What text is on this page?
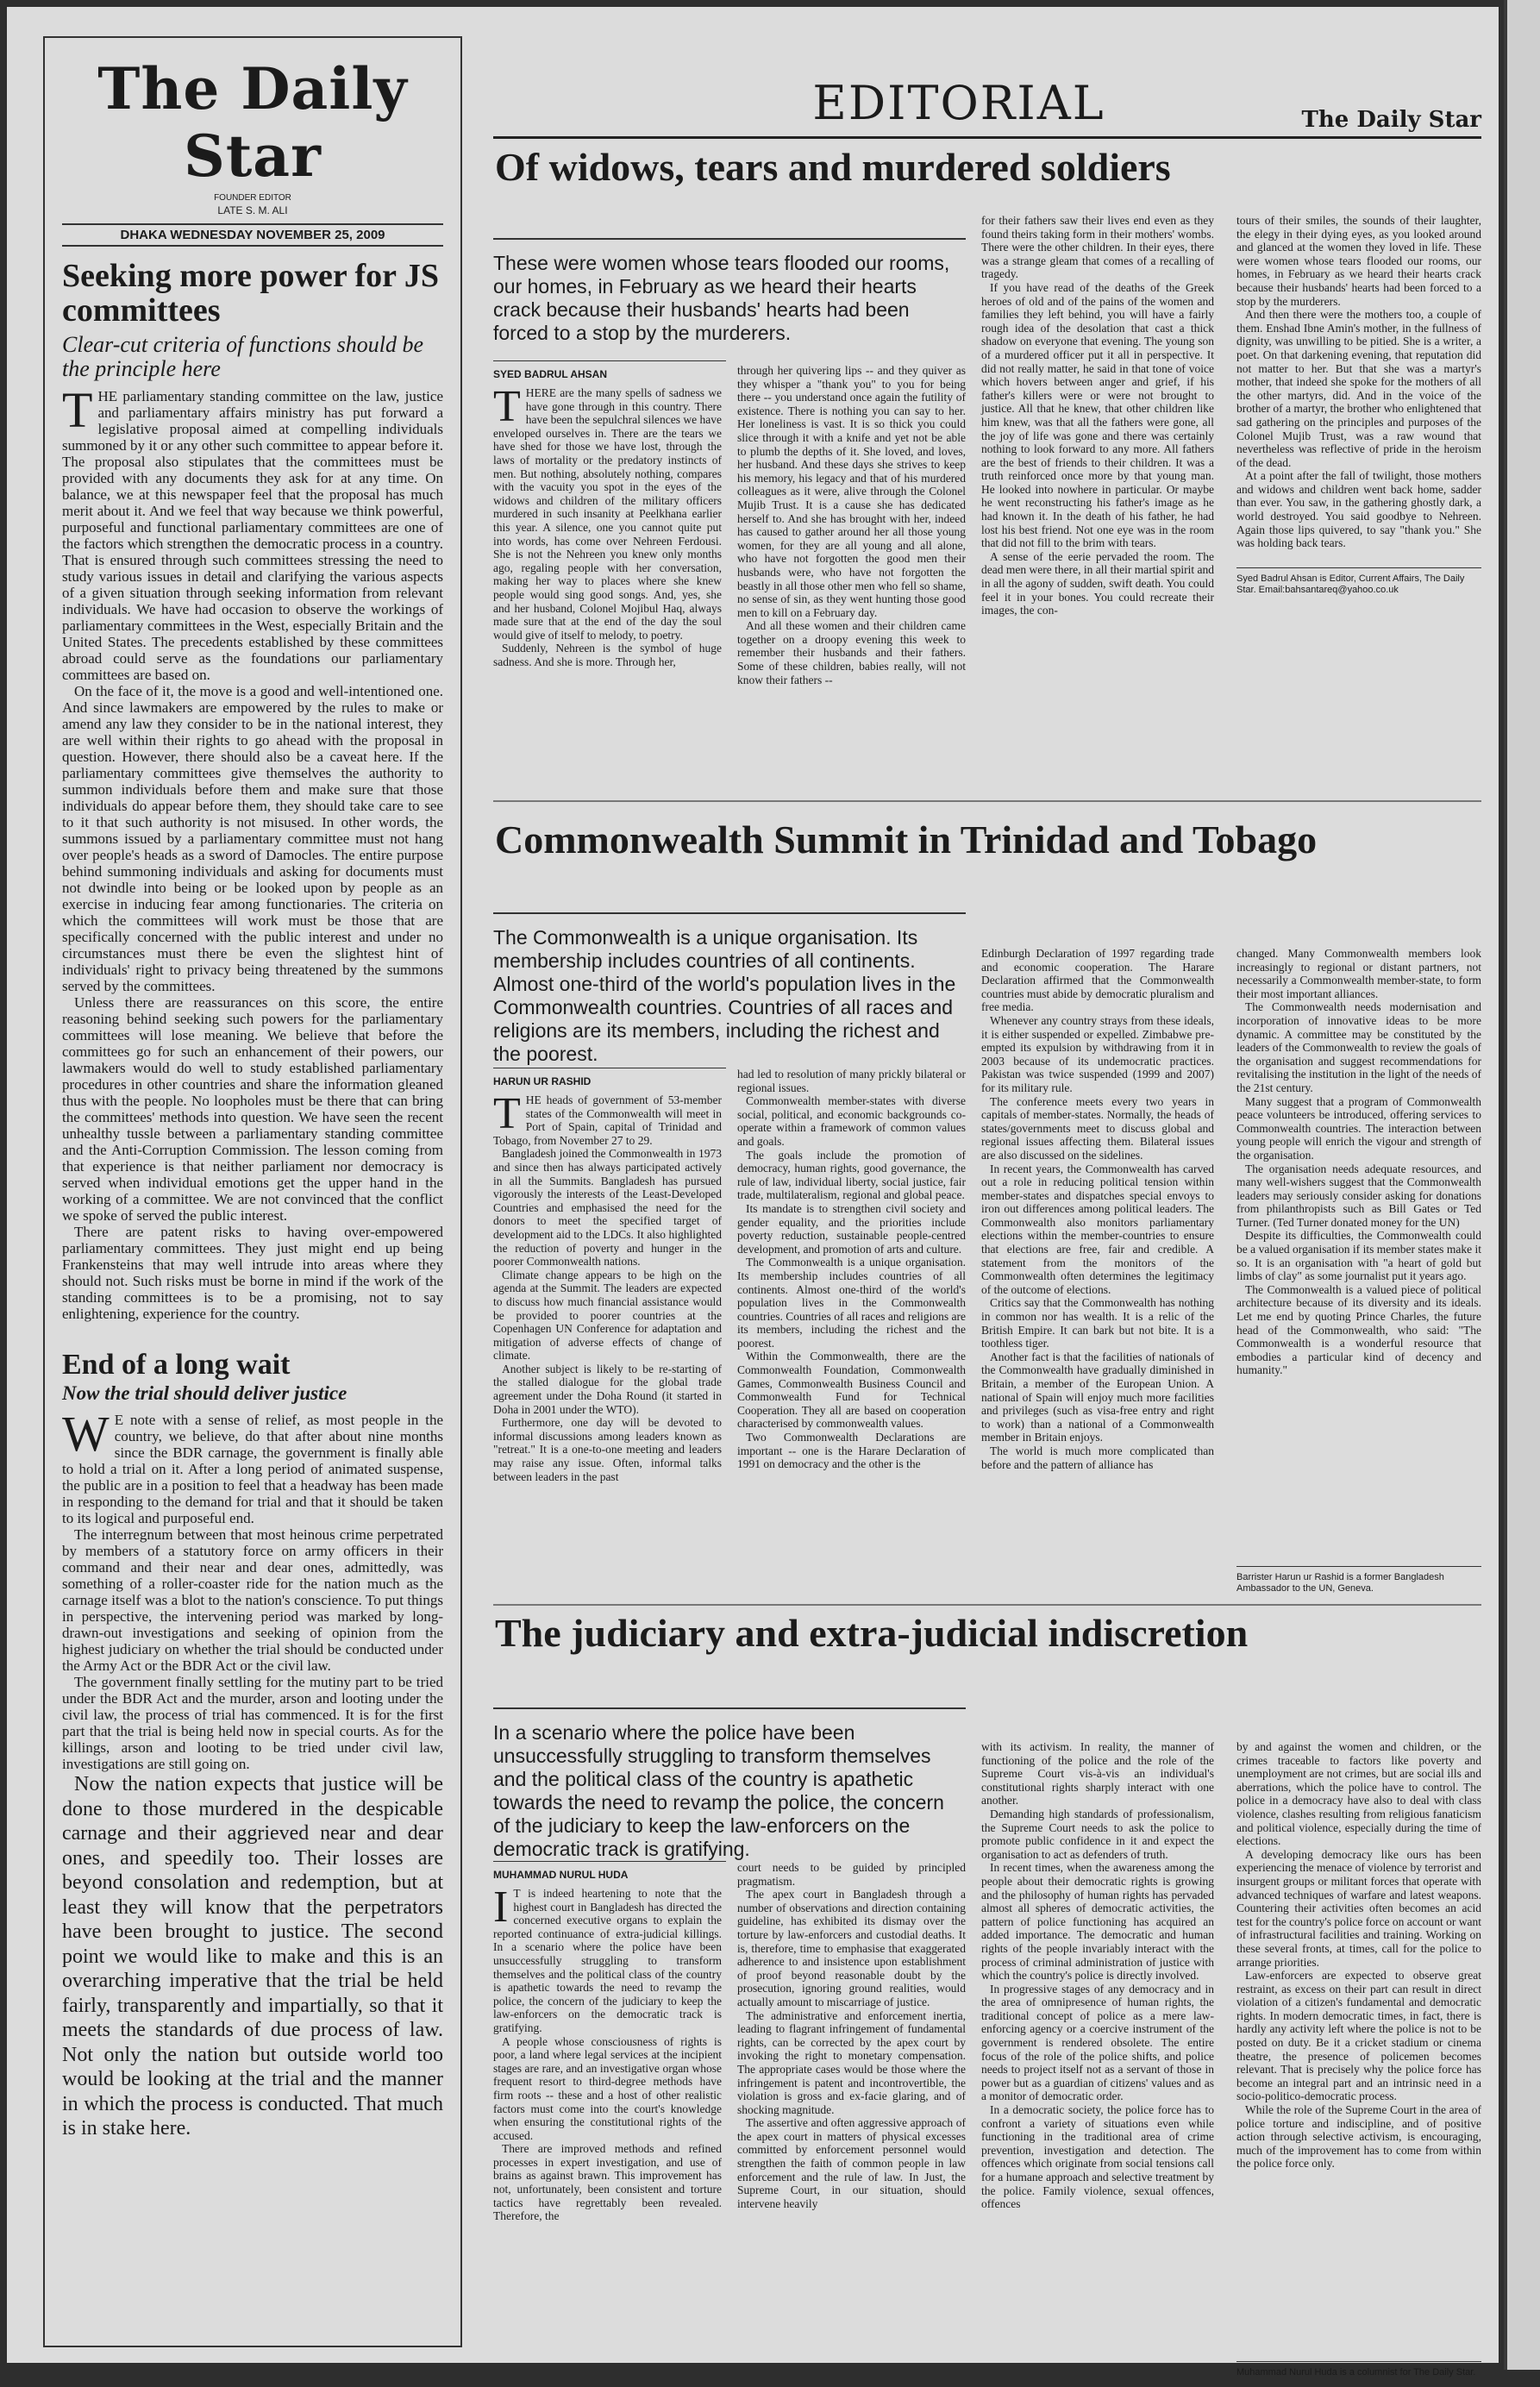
The Daily Star
FOUNDER EDITOR
LATE S. M. ALI
DHAKA WEDNESDAY NOVEMBER 25, 2009
Seeking more power for JS committees
Clear-cut criteria of functions should be the principle here
T HE parliamentary standing committee on the law, justice and parliamentary affairs ministry has put forward a legislative proposal aimed at compelling individuals summoned by it or any other such committee to appear before it. The proposal also stipulates that the committees must be provided with any documents they ask for at any time. On balance, we at this newspaper feel that the proposal has much merit about it. And we feel that way because we think powerful, purposeful and functional parliamentary committees are one of the factors which strengthen the democratic process in a country. That is ensured through such committees stressing the need to study various issues in detail and clarifying the various aspects of a given situation through seeking information from relevant individuals. We have had occasion to observe the workings of parliamentary committees in the West, especially Britain and the United States. The precedents established by these committees abroad could serve as the foundations our parliamentary committees are based on.

On the face of it, the move is a good and well-intentioned one. And since lawmakers are empowered by the rules to make or amend any law they consider to be in the national interest, they are well within their rights to go ahead with the proposal in question. However, there should also be a caveat here. If the parliamentary committees give themselves the authority to summon individuals before them and make sure that those individuals do appear before them, they should take care to see to it that such authority is not misused. In other words, the summons issued by a parliamentary committee must not hang over people's heads as a sword of Damocles. The entire purpose behind summoning individuals and asking for documents must not dwindle into being or be looked upon by people as an exercise in inducing fear among functionaries. The criteria on which the committees will work must be those that are specifically concerned with the public interest and under no circumstances must there be even the slightest hint of individuals' right to privacy being threatened by the summons served by the committees.

Unless there are reassurances on this score, the entire reasoning behind seeking such powers for the parliamentary committees will lose meaning. We believe that before the committees go for such an enhancement of their powers, our lawmakers would do well to study established parliamentary procedures in other countries and share the information gleaned thus with the people. No loopholes must be there that can bring the committees' methods into question. We have seen the recent unhealthy tussle between a parliamentary standing committee and the Anti-Corruption Commission. The lesson coming from that experience is that neither parliament nor democracy is served when individual emotions get the upper hand in the working of a committee. We are not convinced that the conflict we spoke of served the public interest.

There are patent risks to having over-empowered parliamentary committees. They just might end up being Frankensteins that may well intrude into areas where they should not. Such risks must be borne in mind if the work of the standing committees is to be a promising, not to say enlightening, experience for the country.

End of a long wait
Now the trial should deliver justice
W E note with a sense of relief, as most people in the country, we believe, do that after about nine months since the BDR carnage, the government is finally able to hold a trial on it. After a long period of animated suspense, the public are in a position to feel that a headway has been made in responding to the demand for trial and that it should be taken to its logical and purposeful end.

The interregnum between that most heinous crime perpetrated by members of a statutory force on army officers in their command and their near and dear ones, admittedly, was something of a roller-coaster ride for the nation much as the carnage itself was a blot to the nation's conscience. To put things in perspective, the intervening period was marked by long-drawn-out investigations and seeking of opinion from the highest judiciary on whether the trial should be conducted under the Army Act or the BDR Act or the civil law.

The government finally settling for the mutiny part to be tried under the BDR Act and the murder, arson and looting under the civil law, the process of trial has commenced. It is for the first part that the trial is being held now in special courts. As for the killings, arson and looting to be tried under civil law, investigations are still going on.

Now the nation expects that justice will be done to those murdered in the despicable carnage and their aggrieved near and dear ones, and speedily too. Their losses are beyond consolation and redemption, but at least they will know that the perpetrators have been brought to justice. The second point we would like to make and this is an overarching imperative that the trial be held fairly, transparently and impartially, so that it meets the standards of due process of law. Not only the nation but outside world too would be looking at the trial and the manner in which the process is conducted. That much is in stake here.

EDITORIAL	The Daily Star
Of widows, tears and murdered soldiers
These were women whose tears flooded our rooms, our homes, in February as we heard their hearts crack because their husbands' hearts had been forced to a stop by the murderers.
SYED BADRUL AHSAN
THERE are the many spells of sadness we have gone through in this country. There have been the sepulchral silences we have enveloped ourselves in. There are the tears we have shed for those we have lost, through the laws of mortality or the predatory instincts of men. But nothing, absolutely nothing, compares with the vacuity you spot in the eyes of the widows and children of the military officers murdered in such insanity at Peelkhana earlier this year. A silence, one you cannot quite put into words, has come over Nehreen Ferdousi. She is not the Nehreen you knew only months ago, regaling people with her conversation, making her way to places where she knew people would sing good songs. And, yes, she and her husband, Colonel Mojibul Haq, always made sure that at the end of the day the soul would give of itself to melody, to poetry.

Suddenly, Nehreen is the symbol of huge sadness. And she is more. Through her,

through her quivering lips -- and they quiver as they whisper a "thank you" to you for being there -- you understand once again the futility of existence. There is nothing you can say to her. Her loneliness is vast. It is so thick you could slice through it with a knife and yet not be able to plumb the depths of it. She loved, and loves, her husband. And these days she strives to keep his memory, his legacy and that of his murdered colleagues as it were, alive through the Colonel Mujib Trust. It is a cause she has dedicated herself to. And she has brought with her, indeed has caused to gather around her all those young women, for they are all young and all alone, who have not forgotten the good men their husbands were, who have not forgotten the beastly in all those other men who fell so shame, no sense of sin, as they went hunting those good men to kill on a February day.

And all these women and their children came together on a droopy evening this week to remember their husbands and their fathers. Some of these children, babies really, will not know their fathers --

for their fathers saw their lives end even as they found theirs taking form in their mothers' wombs. There were the other children. In their eyes, there was a strange gleam that comes of a recalling of tragedy.

If you have read of the deaths of the Greek heroes of old and of the pains of the women and families they left behind, you will have a fairly rough idea of the desolation that cast a thick shadow on everyone that evening. The young son of a murdered officer put it all in perspective. It did not really matter, he said in that tone of voice which hovers between anger and grief, if his father's killers were or were not brought to justice. All that he knew, that other children like him knew, was that all the fathers were gone, all the joy of life was gone and there was certainly nothing to look forward to any more. All fathers are the best of friends to their children. It was a truth reinforced once more by that young man. He looked into nowhere in particular. Or maybe he went reconstructing his father's image as he had known it. In the death of his father, he had lost his best friend. Not one eye was in the room that did not fill to the brim with tears.

A sense of the eerie pervaded the room. The dead men were there, in all their martial spirit and in all the agony of sudden, swift death. You could feel it in your bones. You could recreate their images, the con-

tours of their smiles, the sounds of their laughter, the elegy in their dying eyes, as you looked around and glanced at the women they loved in life. These were women whose tears flooded our rooms, our homes, in February as we heard their hearts crack because their husbands' hearts had been forced to a stop by the murderers.

And then there were the mothers too, a couple of them. Enshad Ibne Amin's mother, in the fullness of dignity, was unwilling to be pitied. She is a writer, a poet. On that darkening evening, that reputation did not matter to her. But that she was a martyr's mother, that indeed she spoke for the mothers of all the other martyrs, did. And in the voice of the brother of a martyr, the brother who enlightened that sad gathering on the principles and purposes of the Colonel Mujib Trust, was a raw wound that nevertheless was reflective of pride in the heroism of the dead.

At a point after the fall of twilight, those mothers and widows and children went back home, sadder than ever. You saw, in the gathering ghostly dark, a world destroyed. You said goodbye to Nehreen. Again those lips quivered, to say "thank you." She was holding back tears.

Syed Badrul Ahsan is Editor, Current Affairs, The Daily Star. Email:bahsantareq@yahoo.co.uk
Commonwealth Summit in Trinidad and Tobago
The Commonwealth is a unique organisation. Its membership includes countries of all continents. Almost one-third of the world's population lives in the Commonwealth countries. Countries of all races and religions are its members, including the richest and the poorest.
HARUN UR RASHID
THE heads of government of 53-member states of the Commonwealth will meet in Port of Spain, capital of Trinidad and Tobago, from November 27 to 29.

Bangladesh joined the Commonwealth in 1973 and since then has always participated actively in all the Summits. Bangladesh has pursued vigorously the interests of the Least-Developed Countries and emphasised the need for the donors to meet the specified target of development aid to the LDCs. It also highlighted the reduction of poverty and hunger in the poorer Commonwealth nations.

Climate change appears to be high on the agenda at the Summit. The leaders are expected to discuss how much financial assistance would be provided to poorer countries at the Copenhagen UN Conference for adaptation and mitigation of adverse effects of change of climate.

Another subject is likely to be re-starting of the stalled dialogue for the global trade agreement under the Doha Round (it started in Doha in 2001 under the WTO).

Furthermore, one day will be devoted to informal discussions among leaders known as "retreat." It is a one-to-one meeting and leaders may raise any issue. Often, informal talks between leaders in the past

had led to resolution of many prickly bilateral or regional issues.

Commonwealth member-states with diverse social, political, and economic backgrounds co-operate within a framework of common values and goals.

The goals include the promotion of democracy, human rights, good governance, the rule of law, individual liberty, social justice, fair trade, multilateralism, regional and global peace.

Its mandate is to strengthen civil society and gender equality, and the priorities include poverty reduction, sustainable people-centred development, and promotion of arts and culture.

The Commonwealth is a unique organisation. Its membership includes countries of all continents. Almost one-third of the world's population lives in the Commonwealth countries. Countries of all races and religions are its members, including the richest and the poorest.

Within the Commonwealth, there are the Commonwealth Foundation, Commonwealth Games, Commonwealth Business Council and Commonwealth Fund for Technical Cooperation. They all are based on cooperation characterised by commonwealth values.

Two Commonwealth Declarations are important -- one is the Harare Declaration of 1991 on democracy and the other is the

Edinburgh Declaration of 1997 regarding trade and economic cooperation. The Harare Declaration affirmed that the Commonwealth countries must abide by democratic pluralism and free media.

Whenever any country strays from these ideals, it is either suspended or expelled. Zimbabwe pre-empted its expulsion by withdrawing from it in 2003 because of its undemocratic practices. Pakistan was twice suspended (1999 and 2007) for its military rule.

The conference meets every two years in capitals of member-states. Normally, the heads of states/governments meet to discuss global and regional issues affecting them. Bilateral issues are also discussed on the sidelines.

In recent years, the Commonwealth has carved out a role in reducing political tension within member-states and dispatches special envoys to iron out differences among political leaders. The Commonwealth also monitors parliamentary elections within the member-countries to ensure that elections are free, fair and credible. A statement from the monitors of the Commonwealth often determines the legitimacy of the outcome of elections.

Critics say that the Commonwealth has nothing in common nor has wealth. It is a relic of the British Empire. It can bark but not bite. It is a toothless tiger.

Another fact is that the facilities of nationals of the Commonwealth have gradually diminished in Britain, a member of the European Union. A national of Spain will enjoy much more facilities and privileges (such as visa-free entry and right to work) than a national of a Commonwealth member in Britain enjoys.

The world is much more complicated than before and the pattern of alliance has

changed. Many Commonwealth members look increasingly to regional or distant partners, not necessarily a Commonwealth member-state, to form their most important alliances.

The Commonwealth needs modernisation and incorporation of innovative ideas to be more dynamic. A committee may be constituted by the leaders of the Commonwealth to review the goals of the organisation and suggest recommendations for revitalising the institution in the light of the needs of the 21st century.

Many suggest that a program of Commonwealth peace volunteers be introduced, offering services to Commonwealth countries. The interaction between young people will enrich the vigour and strength of the organisation.

The organisation needs adequate resources, and many well-wishers suggest that the Commonwealth leaders may seriously consider asking for donations from philanthropists such as Bill Gates or Ted Turner. (Ted Turner donated money for the UN)

Despite its difficulties, the Commonwealth could be a valued organisation if its member states make it so. It is an organisation with "a heart of gold but limbs of clay" as some journalist put it years ago.

The Commonwealth is a valued piece of political architecture because of its diversity and its ideals. Let me end by quoting Prince Charles, the future head of the Commonwealth, who said: "The Commonwealth is a wonderful resource that embodies a particular kind of decency and humanity."

Barrister Harun ur Rashid is a former Bangladesh Ambassador to the UN, Geneva.
The judiciary and extra-judicial indiscretion
In a scenario where the police have been unsuccessfully struggling to transform themselves and the political class of the country is apathetic towards the need to revamp the police, the concern of the judiciary to keep the law-enforcers on the democratic track is gratifying.
MUHAMMAD NURUL HUDA
I T is indeed heartening to note that the highest court in Bangladesh has directed the concerned executive organs to explain the reported continuance of extra-judicial killings. In a scenario where the police have been unsuccessfully struggling to transform themselves and the political class of the country is apathetic towards the need to revamp the police, the concern of the judiciary to keep the law-enforcers on the democratic track is gratifying.

A people whose consciousness of rights is poor, a land where legal services at the incipient stages are rare, and an investigative organ whose frequent resort to third-degree methods have firm roots -- these and a host of other realistic factors must come into the court's knowledge when ensuring the constitutional rights of the accused.

There are improved methods and refined processes in expert investigation, and use of brains as against brawn. This improvement has not, unfortunately, been consistent and torture tactics have regrettably been revealed. Therefore, the

court needs to be guided by principled pragmatism.

The apex court in Bangladesh through a number of observations and direction containing guideline, has exhibited its dismay over the torture by law-enforcers and custodial deaths. It is, therefore, time to emphasise that exaggerated adherence to and insistence upon establishment of proof beyond reasonable doubt by the prosecution, ignoring ground realities, would actually amount to miscarriage of justice.

The administrative and enforcement inertia, leading to flagrant infringement of fundamental rights, can be corrected by the apex court by invoking the right to monetary compensation. The appropriate cases would be those where the infringement is patent and incontrovertible, the violation is gross and ex-facie glaring, and of shocking magnitude.

The assertive and often aggressive approach of the apex court in matters of physical excesses committed by enforcement personnel would strengthen the faith of common people in law enforcement and the rule of law. In Just, the Supreme Court, in our situation, should intervene heavily

with its activism. In reality, the manner of functioning of the police and the role of the Supreme Court vis-à-vis an individual's constitutional rights sharply interact with one another.

Demanding high standards of professionalism, the Supreme Court needs to ask the police to promote public confidence in it and expect the organisation to act as defenders of truth.

In recent times, when the awareness among the people about their democratic rights is growing and the philosophy of human rights has pervaded almost all spheres of democratic activities, the pattern of police functioning has acquired an added importance. The democratic and human rights of the people invariably interact with the process of criminal administration of justice with which the country's police is directly involved.

In progressive stages of any democracy and in the area of omnipresence of human rights, the traditional concept of police as a mere law-enforcing agency or a coercive instrument of the government is rendered obsolete. The entire focus of the role of the police shifts, and police needs to project itself not as a servant of those in power but as a guardian of citizens' values and as a monitor of democratic order.

In a democratic society, the police force has to confront a variety of situations even while functioning in the traditional area of crime prevention, investigation and detection. The offences which originate from social tensions call for a humane approach and selective treatment by the police. Family violence, sexual offences, offences

by and against the women and children, or the crimes traceable to factors like poverty and unemployment are not crimes, but are social ills and aberrations, which the police have to control. The police in a democracy have also to deal with class violence, clashes resulting from religious fanaticism and political violence, especially during the time of elections.

A developing democracy like ours has been experiencing the menace of violence by terrorist and insurgent groups or militant forces that operate with advanced techniques of warfare and latest weapons. Countering their activities often becomes an acid test for the country's police force on account or want of infrastructural facilities and training. Working on these several fronts, at times, call for the police to arrange priorities.

Law-enforcers are expected to observe great restraint, as excess on their part can result in direct violation of a citizen's fundamental and democratic rights. In modern democratic times, in fact, there is hardly any activity left where the police is not to be posted on duty. Be it a cricket stadium or cinema theatre, the presence of policemen becomes relevant. That is precisely why the police force has become an integral part and an intrinsic need in a socio-politico-democratic process.

While the role of the Supreme Court in the area of police torture and indiscipline, and of positive action through selective activism, is encouraging, much of the improvement has to come from within the police force only.

Muhammad Nurul Huda is a columnist for The Daily Star.
